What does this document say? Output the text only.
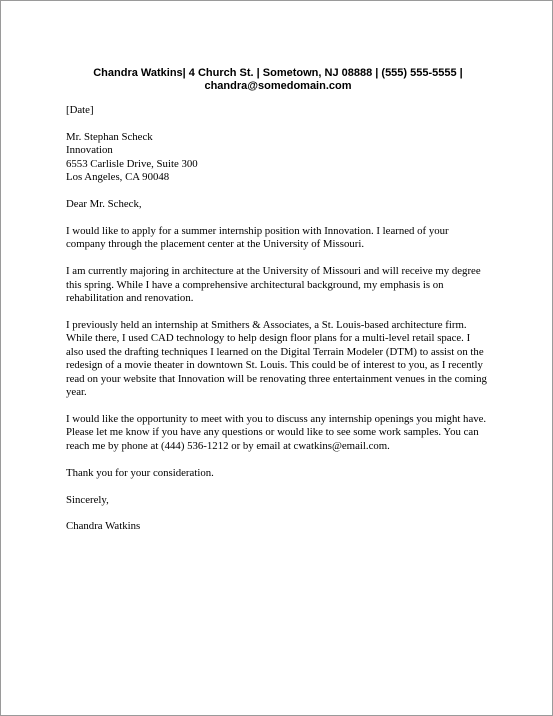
Chandra Watkins| 4 Church St. | Sometown, NJ 08888 | (555) 555-5555 |
chandra@somedomain.com
[Date]
Mr. Stephan Scheck
Innovation
6553 Carlisle Drive, Suite 300
Los Angeles, CA 90048
Dear Mr. Scheck,
I would like to apply for a summer internship position with Innovation. I learned of your
company through the placement center at the University of Missouri.
I am currently majoring in architecture at the University of Missouri and will receive my degree
this spring. While I have a comprehensive architectural background, my emphasis is on
rehabilitation and renovation.
I previously held an internship at Smithers & Associates, a St. Louis-based architecture firm.
While there, I used CAD technology to help design floor plans for a multi-level retail space. I
also used the drafting techniques I learned on the Digital Terrain Modeler (DTM) to assist on the
redesign of a movie theater in downtown St. Louis. This could be of interest to you, as I recently
read on your website that Innovation will be renovating three entertainment venues in the coming
year.
I would like the opportunity to meet with you to discuss any internship openings you might have.
Please let me know if you have any questions or would like to see some work samples. You can
reach me by phone at (444) 536-1212 or by email at cwatkins@email.com.
Thank you for your consideration.
Sincerely,
Chandra Watkins
